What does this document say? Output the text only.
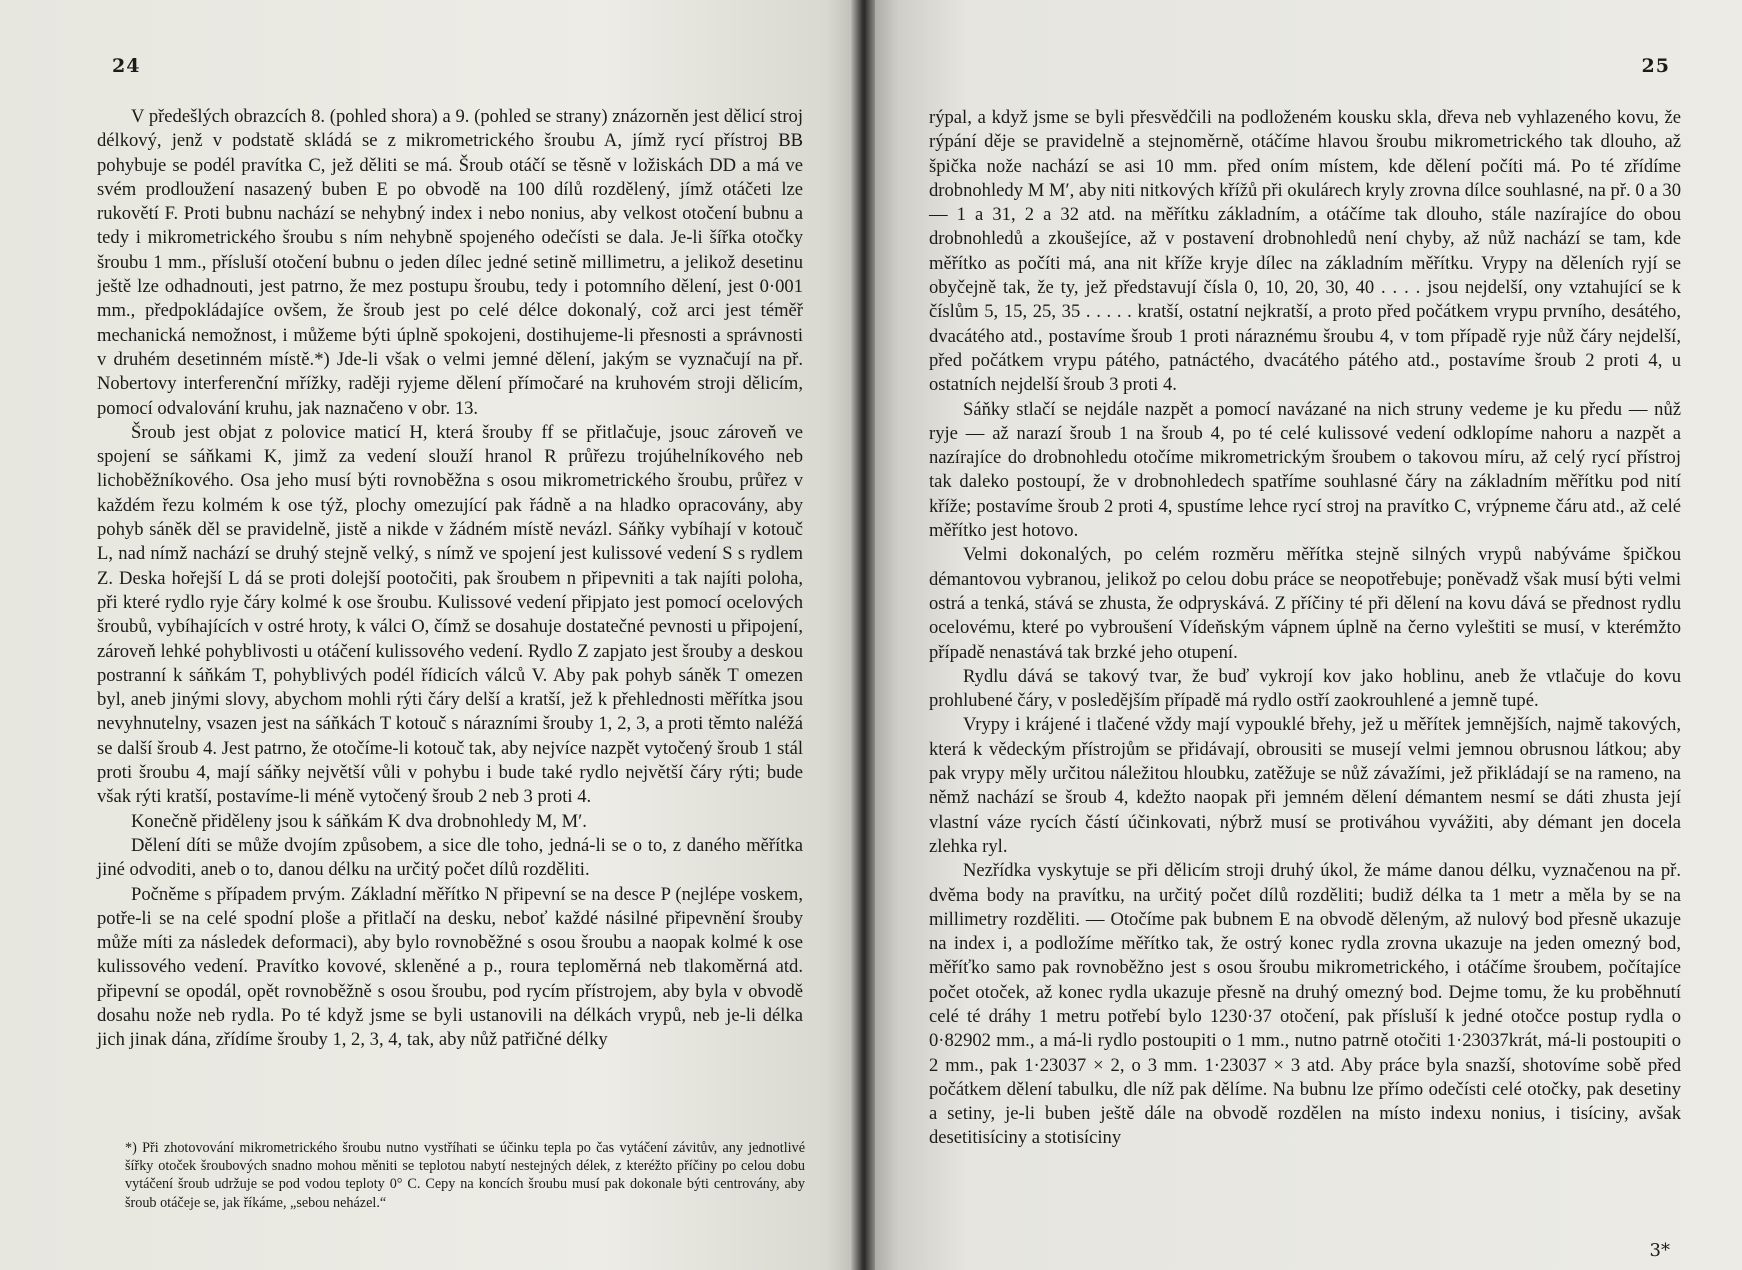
24

V předešlých obrazcích 8. (pohled shora) a 9. (pohled se strany) znázorněn jest dělicí stroj délkový, jenž v podstatě skládá se z mikrometrického šroubu A, jímž rycí přístroj BB pohybuje se podél pravítka C, jež děliti se má. Šroub otáčí se těsně v ložiskách DD a má ve svém prodloužení nasazený buben E po obvodě na 100 dílů rozdělený, jímž otáčeti lze rukovětí F. Proti bubnu nachází se nehybný index i nebo nonius, aby velkost otočení bubnu a tedy i mikrometrického šroubu s ním nehybně spojeného odečísti se dala. Je-li šířka otočky šroubu 1 mm., přísluší otočení bubnu o jeden dílec jedné setině millimetru, a jelikož desetinu ještě lze odhadnouti, jest patrno, že mez postupu šroubu, tedy i potomního dělení, jest 0·001 mm., předpokládajíce ovšem, že šroub jest po celé délce dokonalý, což arci jest téměř mechanická nemožnost, i můžeme býti úplně spokojeni, dostihujeme-li přesnosti a správnosti v druhém desetinném místě.*) Jde-li však o velmi jemné dělení, jakým se vyznačují na př. Nobertovy interferenční mřížky, raději ryjeme dělení přímočaré na kruhovém stroji dělicím, pomocí odvalování kruhu, jak naznačeno v obr. 13.

Šroub jest objat z polovice maticí H, která šrouby ff se přitlačuje, jsouc zároveň ve spojení se sáňkami K, jimž za vedení slouží hranol R průřezu trojúhelníkového neb lichoběžníkového. Osa jeho musí býti rovnoběžna s osou mikrometrického šroubu, průřez v každém řezu kolmém k ose týž, plochy omezující pak řádně a na hladko opracovány, aby pohyb sáněk děl se pravidelně, jistě a nikde v žádném místě nevázl. Sáňky vybíhají v kotouč L, nad nímž nachází se druhý stejně velký, s nímž ve spojení jest kulissové vedení S s rydlem Z. Deska hořejší L dá se proti dolejší pootočiti, pak šroubem n připevniti a tak najíti poloha, při které rydlo ryje čáry kolmé k ose šroubu. Kulissové vedení připjato jest pomocí ocelových šroubů, vybíhajících v ostré hroty, k válci O, čímž se dosahuje dostatečné pevnosti u připojení, zároveň lehké pohyblivosti u otáčení kulissového vedení. Rydlo Z zapjato jest šrouby a deskou postranní k sáňkám T, pohyblivých podél řídicích válců V. Aby pak pohyb sáněk T omezen byl, aneb jinými slovy, abychom mohli rýti čáry delší a kratší, jež k přehlednosti měřítka jsou nevyhnutelny, vsazen jest na sáňkách T kotouč s nárazními šrouby 1, 2, 3, a proti těmto naléžá se další šroub 4. Jest patrno, že otočíme-li kotouč tak, aby nejvíce nazpět vytočený šroub 1 stál proti šroubu 4, mají sáňky největší vůli v pohybu i bude také rydlo největší čáry rýti; bude však rýti kratší, postavíme-li méně vytočený šroub 2 neb 3 proti 4.

Konečně přiděleny jsou k sáňkám K dva drobnohledy M, M′.

Dělení díti se může dvojím způsobem, a sice dle toho, jedná-li se o to, z daného měřítka jiné odvoditi, aneb o to, danou délku na určitý počet dílů rozděliti.

Počněme s případem prvým. Základní měřítko N připevní se na desce P (nejlépe voskem, potře-li se na celé spodní ploše a přitlačí na desku, neboť každé násilné připevnění šrouby může míti za následek deformaci), aby bylo rovnoběžné s osou šroubu a naopak kolmé k ose kulissového vedení. Pravítko kovové, skleněné a p., roura teploměrná neb tlakoměrná atd. připevní se opodál, opět rovnoběžně s osou šroubu, pod rycím přístrojem, aby byla v obvodě dosahu nože neb rydla. Po té když jsme se byli ustanovili na délkách vrypů, neb je-li délka jich jinak dána, zřídíme šrouby 1, 2, 3, 4, tak, aby nůž patřičné délky

*) Při zhotovování mikrometrického šroubu nutno vystříhati se účinku tepla po čas vytáčení závitův, any jednotlivé šířky otoček šroubových snadno mohou měniti se teplotou nabytí nestejných délek, z kteréžto příčiny po celou dobu vytáčení šroub udržuje se pod vodou teploty 0° C. Cepy na koncích šroubu musí pak dokonale býti centrovány, aby šroub otáčeje se, jak říkáme, „sebou neházel.“
25

rýpal, a když jsme se byli přesvědčili na podloženém kousku skla, dřeva neb vyhlazeného kovu, že rýpání děje se pravidelně a stejnoměrně, otáčíme hlavou šroubu mikrometrického tak dlouho, až špička nože nachází se asi 10 mm. před oním místem, kde dělení počíti má. Po té zřídíme drobnohledy M M′, aby niti nitkových křížů při okulárech kryly zrovna dílce souhlasné, na př. 0 a 30 — 1 a 31, 2 a 32 atd. na měřítku základním, a otáčíme tak dlouho, stále nazírajíce do obou drobnohledů a zkoušejíce, až v postavení drobnohledů není chyby, až nůž nachází se tam, kde měřítko as počíti má, ana nit kříže kryje dílec na základním měřítku. Vrypy na děleních ryjí se obyčejně tak, že ty, jež představují čísla 0, 10, 20, 30, 40 . . . . jsou nejdelší, ony vztahující se k číslům 5, 15, 25, 35 . . . . . kratší, ostatní nejkratší, a proto před počátkem vrypu prvního, desátého, dvacátého atd., postavíme šroub 1 proti náraznému šroubu 4, v tom případě ryje nůž čáry nejdelší, před počátkem vrypu pátého, patnáctého, dvacátého pátého atd., postavíme šroub 2 proti 4, u ostatních nejdelší šroub 3 proti 4.

Sáňky stlačí se nejdále nazpět a pomocí navázané na nich struny vedeme je ku předu — nůž ryje — až narazí šroub 1 na šroub 4, po té celé kulissové vedení odklopíme nahoru a nazpět a nazírajíce do drobnohledu otočíme mikrometrickým šroubem o takovou míru, až celý rycí přístroj tak daleko postoupí, že v drobnohledech spatříme souhlasné čáry na základním měřítku pod nití kříže; postavíme šroub 2 proti 4, spustíme lehce rycí stroj na pravítko C, vrýpneme čáru atd., až celé měřítko jest hotovo.

Velmi dokonalých, po celém rozměru měřítka stejně silných vrypů nabýváme špičkou démantovou vybranou, jelikož po celou dobu práce se neopotřebuje; poněvadž však musí býti velmi ostrá a tenká, stává se zhusta, že odpryskává. Z příčiny té při dělení na kovu dává se přednost rydlu ocelovému, které po vybroušení Vídeňským vápnem úplně na černo vyleštiti se musí, v kterémžto případě nenastává tak brzké jeho otupení.

Rydlu dává se takový tvar, že buď vykrojí kov jako hoblinu, aneb že vtlačuje do kovu prohlubené čáry, v posledějším případě má rydlo ostří zaokrouhlené a jemně tupé.

Vrypy i krájené i tlačené vždy mají vypouklé břehy, jež u měřítek jemnějších, najmě takových, která k vědeckým přístrojům se přidávají, obrousiti se musejí velmi jemnou obrusnou látkou; aby pak vrypy měly určitou náležitou hloubku, zatěžuje se nůž závažími, jež přikládají se na rameno, na němž nachází se šroub 4, kdežto naopak při jemném dělení démantem nesmí se dáti zhusta její vlastní váze rycích částí účinkovati, nýbrž musí se protiváhou vyvážiti, aby démant jen docela zlehka ryl.

Nezřídka vyskytuje se při dělicím stroji druhý úkol, že máme danou délku, vyznačenou na př. dvěma body na pravítku, na určitý počet dílů rozděliti; budiž délka ta 1 metr a měla by se na millimetry rozděliti. — Otočíme pak bubnem E na obvodě děleným, až nulový bod přesně ukazuje na index i, a podložíme měřítko tak, že ostrý konec rydla zrovna ukazuje na jeden omezný bod, měříťko samo pak rovnoběžno jest s osou šroubu mikrometrického, i otáčíme šroubem, počítajíce počet otoček, až konec rydla ukazuje přesně na druhý omezný bod. Dejme tomu, že ku proběhnutí celé té dráhy 1 metru potřebí bylo 1230·37 otočení, pak přísluší k jedné otočce postup rydla o 0·82902 mm., a má-li rydlo postoupiti o 1 mm., nutno patrně otočiti 1·23037krát, má-li postoupiti o 2 mm., pak 1·23037 × 2, o 3 mm. 1·23037 × 3 atd. Aby práce byla snazší, shotovíme sobě před počátkem dělení tabulku, dle níž pak dělíme. Na bubnu lze přímo odečísti celé otočky, pak desetiny a setiny, je-li buben ještě dále na obvodě rozdělen na místo indexu nonius, i tisíciny, avšak desetitisíciny a stotisíciny

3*
